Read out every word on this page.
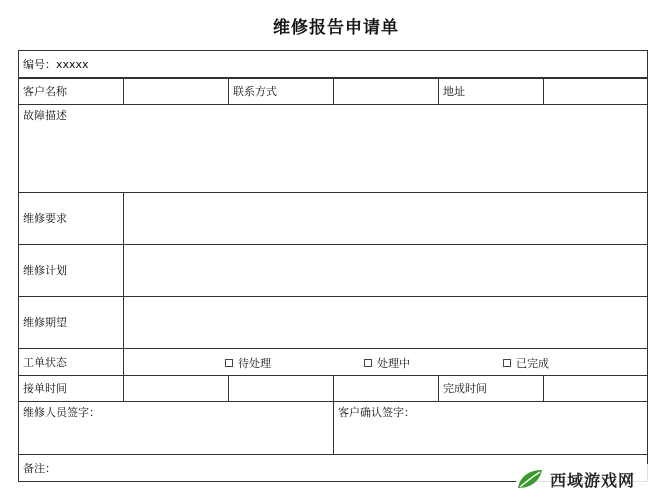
维修报告申请单
编号：xxxxx
客户名称	联系方式	地址
故障描述
维修要求
维修计划
维修期望
工单状态	待处理	处理中	已完成
接单时间	完成时间
维修人员签字：	客户确认签字：
备注：
西域游戏网
